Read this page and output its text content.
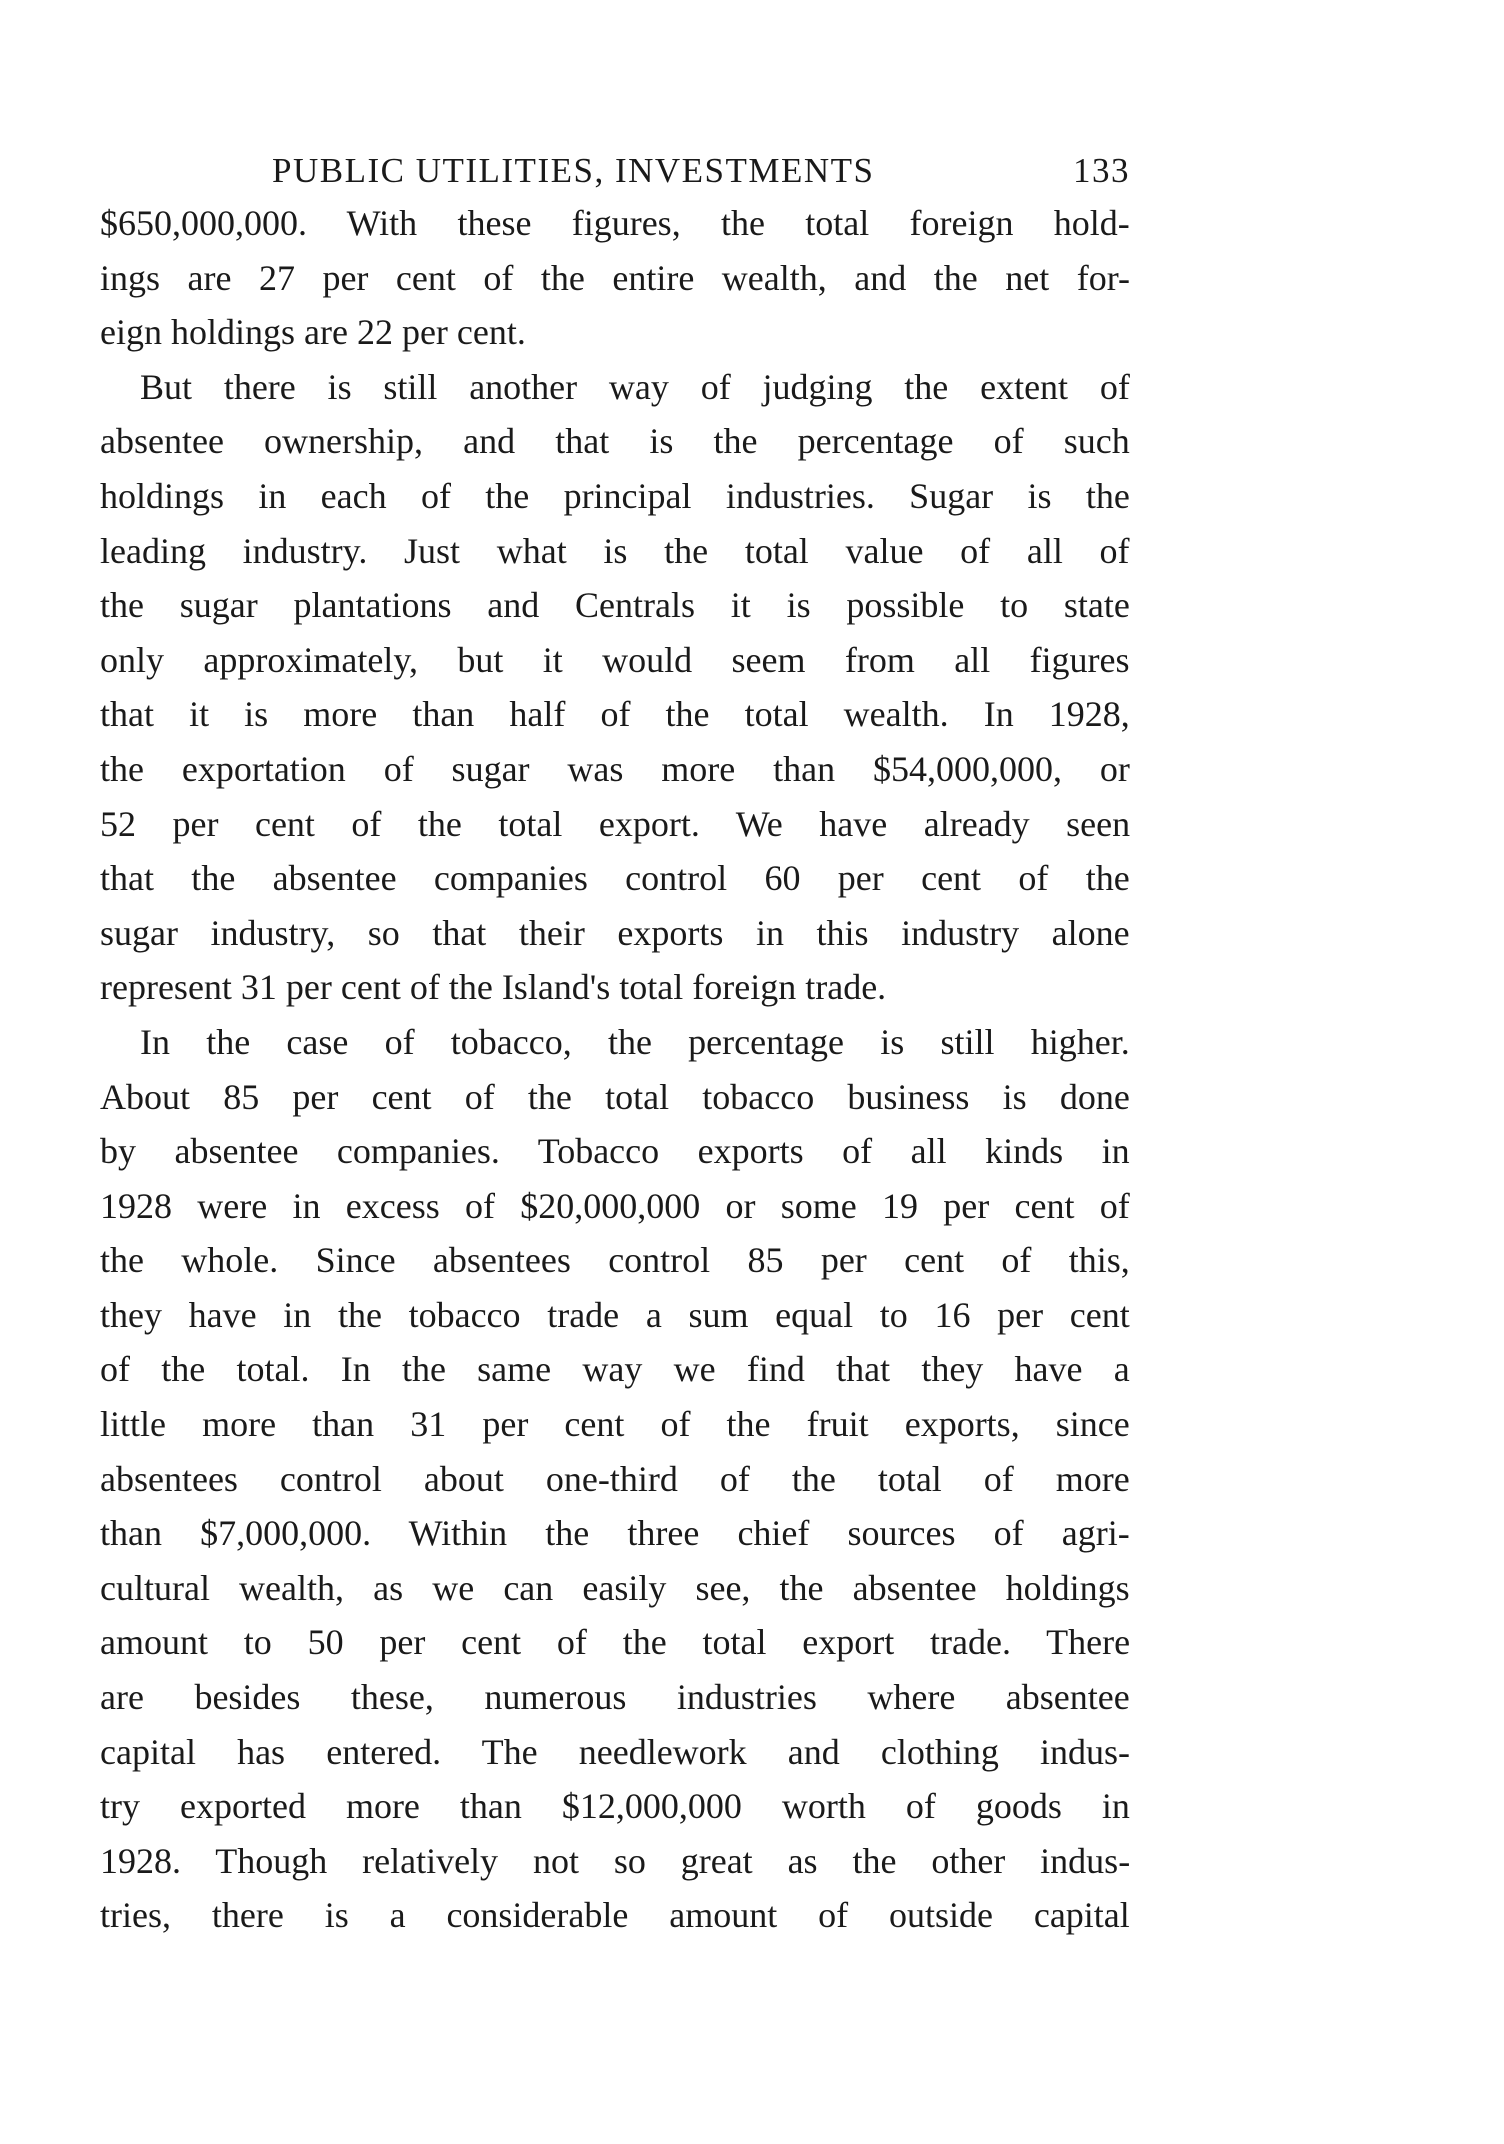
PUBLIC UTILITIES, INVESTMENTS	133
$650,000,000. With these figures, the total foreign hold-
ings are 27 per cent of the entire wealth, and the net for-
eign holdings are 22 per cent.
But there is still another way of judging the extent of
absentee ownership, and that is the percentage of such
holdings in each of the principal industries. Sugar is the
leading industry. Just what is the total value of all of
the sugar plantations and Centrals it is possible to state
only approximately, but it would seem from all figures
that it is more than half of the total wealth. In 1928,
the exportation of sugar was more than $54,000,000, or
52 per cent of the total export. We have already seen
that the absentee companies control 60 per cent of the
sugar industry, so that their exports in this industry alone
represent 31 per cent of the Island's total foreign trade.
In the case of tobacco, the percentage is still higher.
About 85 per cent of the total tobacco business is done
by absentee companies. Tobacco exports of all kinds in
1928 were in excess of $20,000,000 or some 19 per cent of
the whole. Since absentees control 85 per cent of this,
they have in the tobacco trade a sum equal to 16 per cent
of the total. In the same way we find that they have a
little more than 31 per cent of the fruit exports, since
absentees control about one-third of the total of more
than $7,000,000. Within the three chief sources of agri-
cultural wealth, as we can easily see, the absentee holdings
amount to 50 per cent of the total export trade. There
are besides these, numerous industries where absentee
capital has entered. The needlework and clothing indus-
try exported more than $12,000,000 worth of goods in
1928. Though relatively not so great as the other indus-
tries, there is a considerable amount of outside capital
